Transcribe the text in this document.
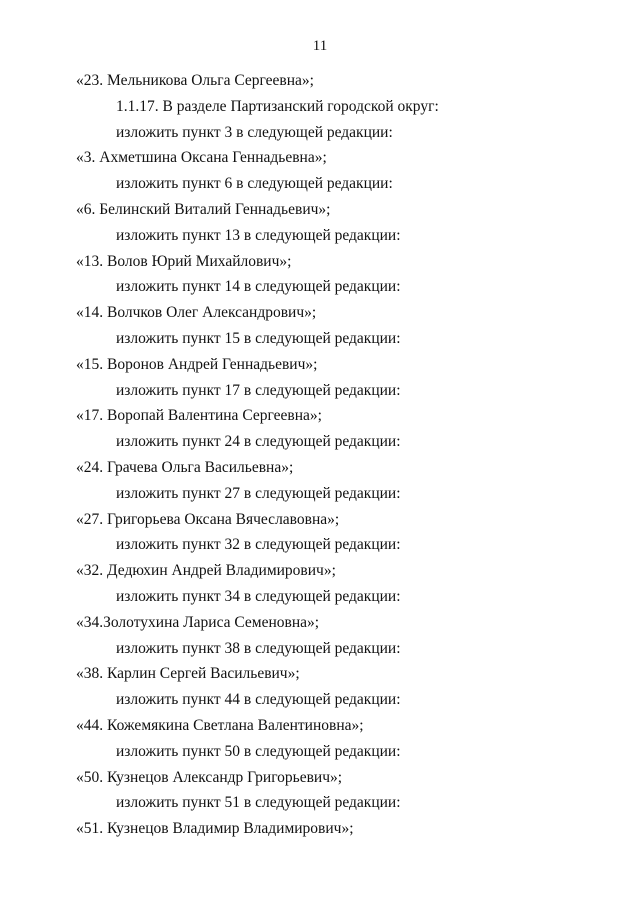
11
«23. Мельникова Ольга Сергеевна»;
1.1.17. В разделе Партизанский городской округ:
изложить пункт 3 в следующей редакции:
«3. Ахметшина Оксана Геннадьевна»;
изложить пункт 6 в следующей редакции:
«6. Белинский Виталий Геннадьевич»;
изложить пункт 13 в следующей редакции:
«13. Волов Юрий Михайлович»;
изложить пункт 14 в следующей редакции:
«14. Волчков Олег Александрович»;
изложить пункт 15 в следующей редакции:
«15. Воронов Андрей Геннадьевич»;
изложить пункт 17 в следующей редакции:
«17. Воропай Валентина Сергеевна»;
изложить пункт 24 в следующей редакции:
«24. Грачева Ольга Васильевна»;
изложить пункт 27 в следующей редакции:
«27. Григорьева Оксана Вячеславовна»;
изложить пункт 32 в следующей редакции:
«32. Дедюхин Андрей Владимирович»;
изложить пункт 34 в следующей редакции:
«34.Золотухина Лариса Семеновна»;
изложить пункт 38 в следующей редакции:
«38. Карлин Сергей Васильевич»;
изложить пункт 44 в следующей редакции:
«44. Кожемякина Светлана Валентиновна»;
изложить пункт 50 в следующей редакции:
«50. Кузнецов Александр Григорьевич»;
изложить пункт 51 в следующей редакции:
«51. Кузнецов Владимир Владимирович»;
